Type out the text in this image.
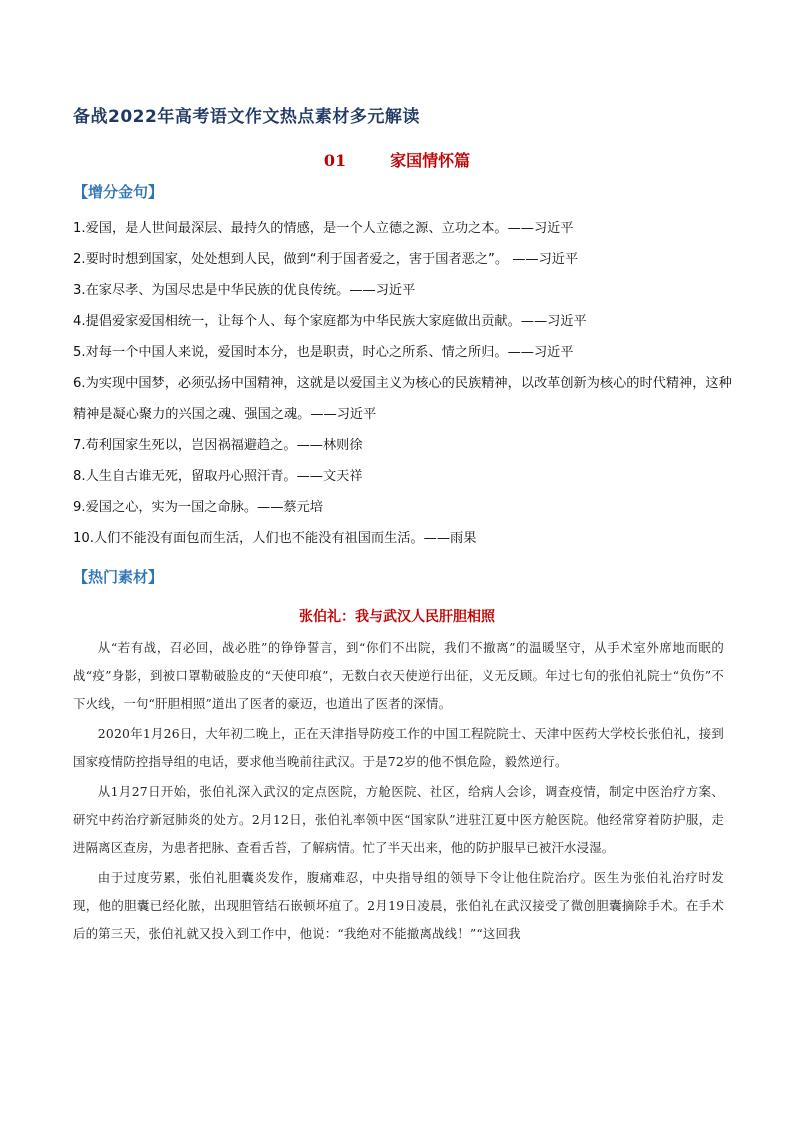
备战2022年高考语文作文热点素材多元解读
01	家国情怀篇
【增分金句】
1.爱国，是人世间最深层、最持久的情感，是一个人立德之源、立功之本。——习近平
2.要时时想到国家，处处想到人民，做到“利于国者爱之，害于国者恶之”。 ——习近平
3.在家尽孝、为国尽忠是中华民族的优良传统。——习近平
4.提倡爱家爱国相统一，让每个人、每个家庭都为中华民族大家庭做出贡献。——习近平
5.对每一个中国人来说，爱国时本分，也是职责，时心之所系、情之所归。——习近平
6.为实现中国梦，必须弘扬中国精神，这就是以爱国主义为核心的民族精神，以改革创新为核心的时代精神，这种精神是凝心聚力的兴国之魂、强国之魂。——习近平
7.苟利国家生死以，岂因祸福避趋之。——林则徐
8.人生自古谁无死，留取丹心照汗青。——文天祥
9.爱国之心，实为一国之命脉。——蔡元培
10.人们不能没有面包而生活，人们也不能没有祖国而生活。——雨果
【热门素材】
张伯礼：我与武汉人民肝胆相照

从“若有战，召必回，战必胜”的铮铮誓言，到“你们不出院，我们不撤离”的温暖坚守，从手术室外席地而眠的战“疫”身影，到被口罩勒破脸皮的“天使印痕”，无数白衣天使逆行出征，义无反顾。年过七旬的张伯礼院士“负伤”不下火线，一句“肝胆相照”道出了医者的豪迈，也道出了医者的深情。

2020年1月26日，大年初二晚上，正在天津指导防疫工作的中国工程院院士、天津中医药大学校长张伯礼，接到国家疫情防控指导组的电话，要求他当晚前往武汉。于是72岁的他不惧危险，毅然逆行。

从1月27日开始，张伯礼深入武汉的定点医院，方舱医院、社区，给病人会诊，调查疫情，制定中医治疗方案、研究中药治疗新冠肺炎的处方。2月12日，张伯礼率领中医“国家队”进驻江夏中医方舱医院。他经常穿着防护服，走进隔离区查房，为患者把脉、查看舌苔，了解病情。忙了半天出来，他的防护服早已被汗水浸湿。

由于过度劳累，张伯礼胆囊炎发作，腹痛难忍，中央指导组的领导下令让他住院治疗。医生为张伯礼治疗时发现，他的胆囊已经化脓，出现胆管结石嵌顿坏疽了。2月19日凌晨，张伯礼在武汉接受了微创胆囊摘除手术。在手术后的第三天，张伯礼就又投入到工作中，他说：“我绝对不能撤离战线！”“这回我
